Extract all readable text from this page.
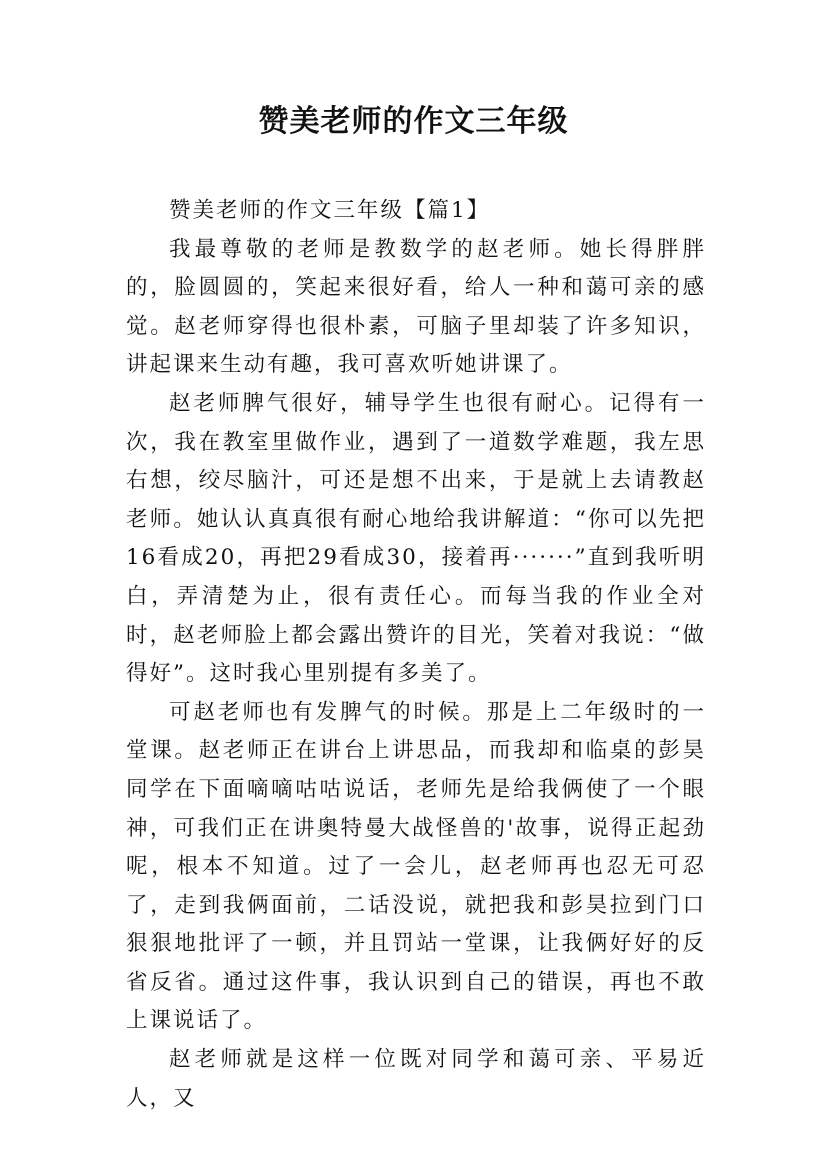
赞美老师的作文三年级

赞美老师的作文三年级【篇1】

我最尊敬的老师是教数学的赵老师。她长得胖胖的，脸圆圆的，笑起来很好看，给人一种和蔼可亲的感觉。赵老师穿得也很朴素，可脑子里却装了许多知识，讲起课来生动有趣，我可喜欢听她讲课了。

赵老师脾气很好，辅导学生也很有耐心。记得有一次，我在教室里做作业，遇到了一道数学难题，我左思右想，绞尽脑汁，可还是想不出来，于是就上去请教赵老师。她认认真真很有耐心地给我讲解道：“你可以先把16看成20，再把29看成30，接着再·······”直到我听明白，弄清楚为止，很有责任心。而每当我的作业全对时，赵老师脸上都会露出赞许的目光，笑着对我说：“做得好”。这时我心里别提有多美了。

可赵老师也有发脾气的时候。那是上二年级时的一堂课。赵老师正在讲台上讲思品，而我却和临桌的彭昊同学在下面嘀嘀咕咕说话，老师先是给我俩使了一个眼神，可我们正在讲奥特曼大战怪兽的'故事，说得正起劲呢，根本不知道。过了一会儿，赵老师再也忍无可忍了，走到我俩面前，二话没说，就把我和彭昊拉到门口狠狠地批评了一顿，并且罚站一堂课，让我俩好好的反省反省。通过这件事，我认识到自己的错误，再也不敢上课说话了。

赵老师就是这样一位既对同学和蔼可亲、平易近人，又
